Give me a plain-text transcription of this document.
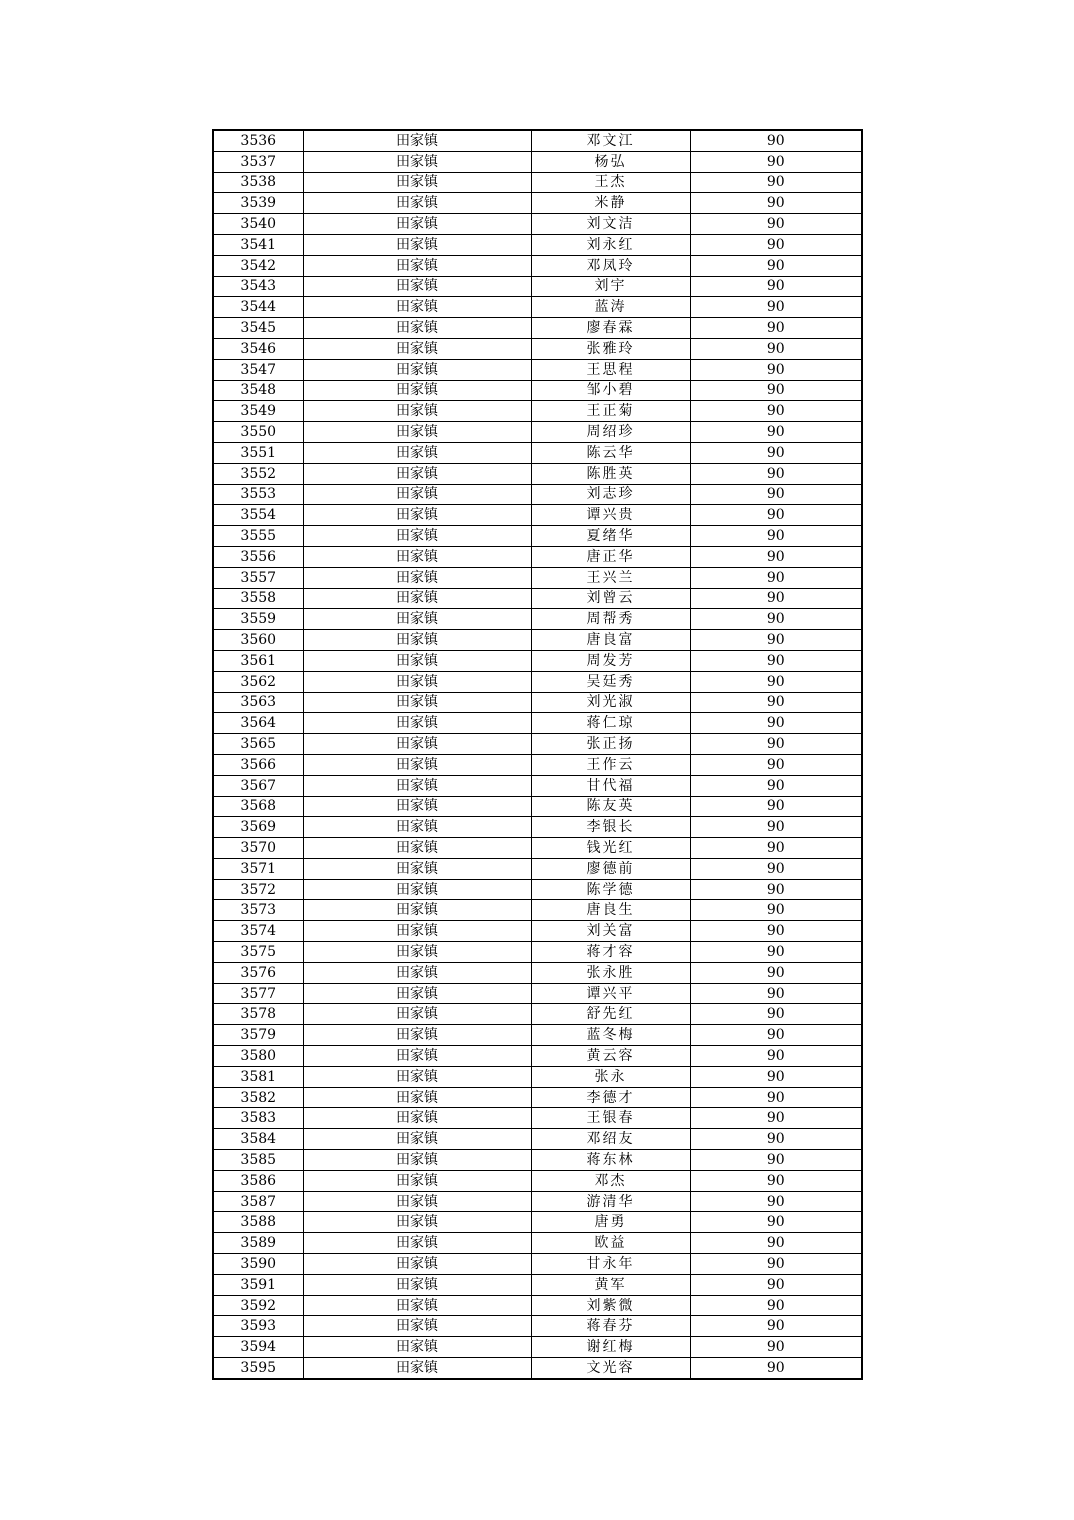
3536	田家镇	邓文江	90
3537	田家镇	杨弘	90
3538	田家镇	王杰	90
3539	田家镇	米静	90
3540	田家镇	刘文洁	90
3541	田家镇	刘永红	90
3542	田家镇	邓凤玲	90
3543	田家镇	刘宇	90
3544	田家镇	蓝涛	90
3545	田家镇	廖春霖	90
3546	田家镇	张雅玲	90
3547	田家镇	王思程	90
3548	田家镇	邹小碧	90
3549	田家镇	王正菊	90
3550	田家镇	周绍珍	90
3551	田家镇	陈云华	90
3552	田家镇	陈胜英	90
3553	田家镇	刘志珍	90
3554	田家镇	谭兴贵	90
3555	田家镇	夏绪华	90
3556	田家镇	唐正华	90
3557	田家镇	王兴兰	90
3558	田家镇	刘曾云	90
3559	田家镇	周帮秀	90
3560	田家镇	唐良富	90
3561	田家镇	周发芳	90
3562	田家镇	吴廷秀	90
3563	田家镇	刘光淑	90
3564	田家镇	蒋仁琼	90
3565	田家镇	张正扬	90
3566	田家镇	王作云	90
3567	田家镇	甘代福	90
3568	田家镇	陈友英	90
3569	田家镇	李银长	90
3570	田家镇	钱光红	90
3571	田家镇	廖德前	90
3572	田家镇	陈学德	90
3573	田家镇	唐良生	90
3574	田家镇	刘关富	90
3575	田家镇	蒋才容	90
3576	田家镇	张永胜	90
3577	田家镇	谭兴平	90
3578	田家镇	舒先红	90
3579	田家镇	蓝冬梅	90
3580	田家镇	黄云容	90
3581	田家镇	张永	90
3582	田家镇	李德才	90
3583	田家镇	王银春	90
3584	田家镇	邓绍友	90
3585	田家镇	蒋东林	90
3586	田家镇	邓杰	90
3587	田家镇	游清华	90
3588	田家镇	唐勇	90
3589	田家镇	欧益	90
3590	田家镇	甘永年	90
3591	田家镇	黄军	90
3592	田家镇	刘紫微	90
3593	田家镇	蒋春芬	90
3594	田家镇	谢红梅	90
3595	田家镇	文光容	90
